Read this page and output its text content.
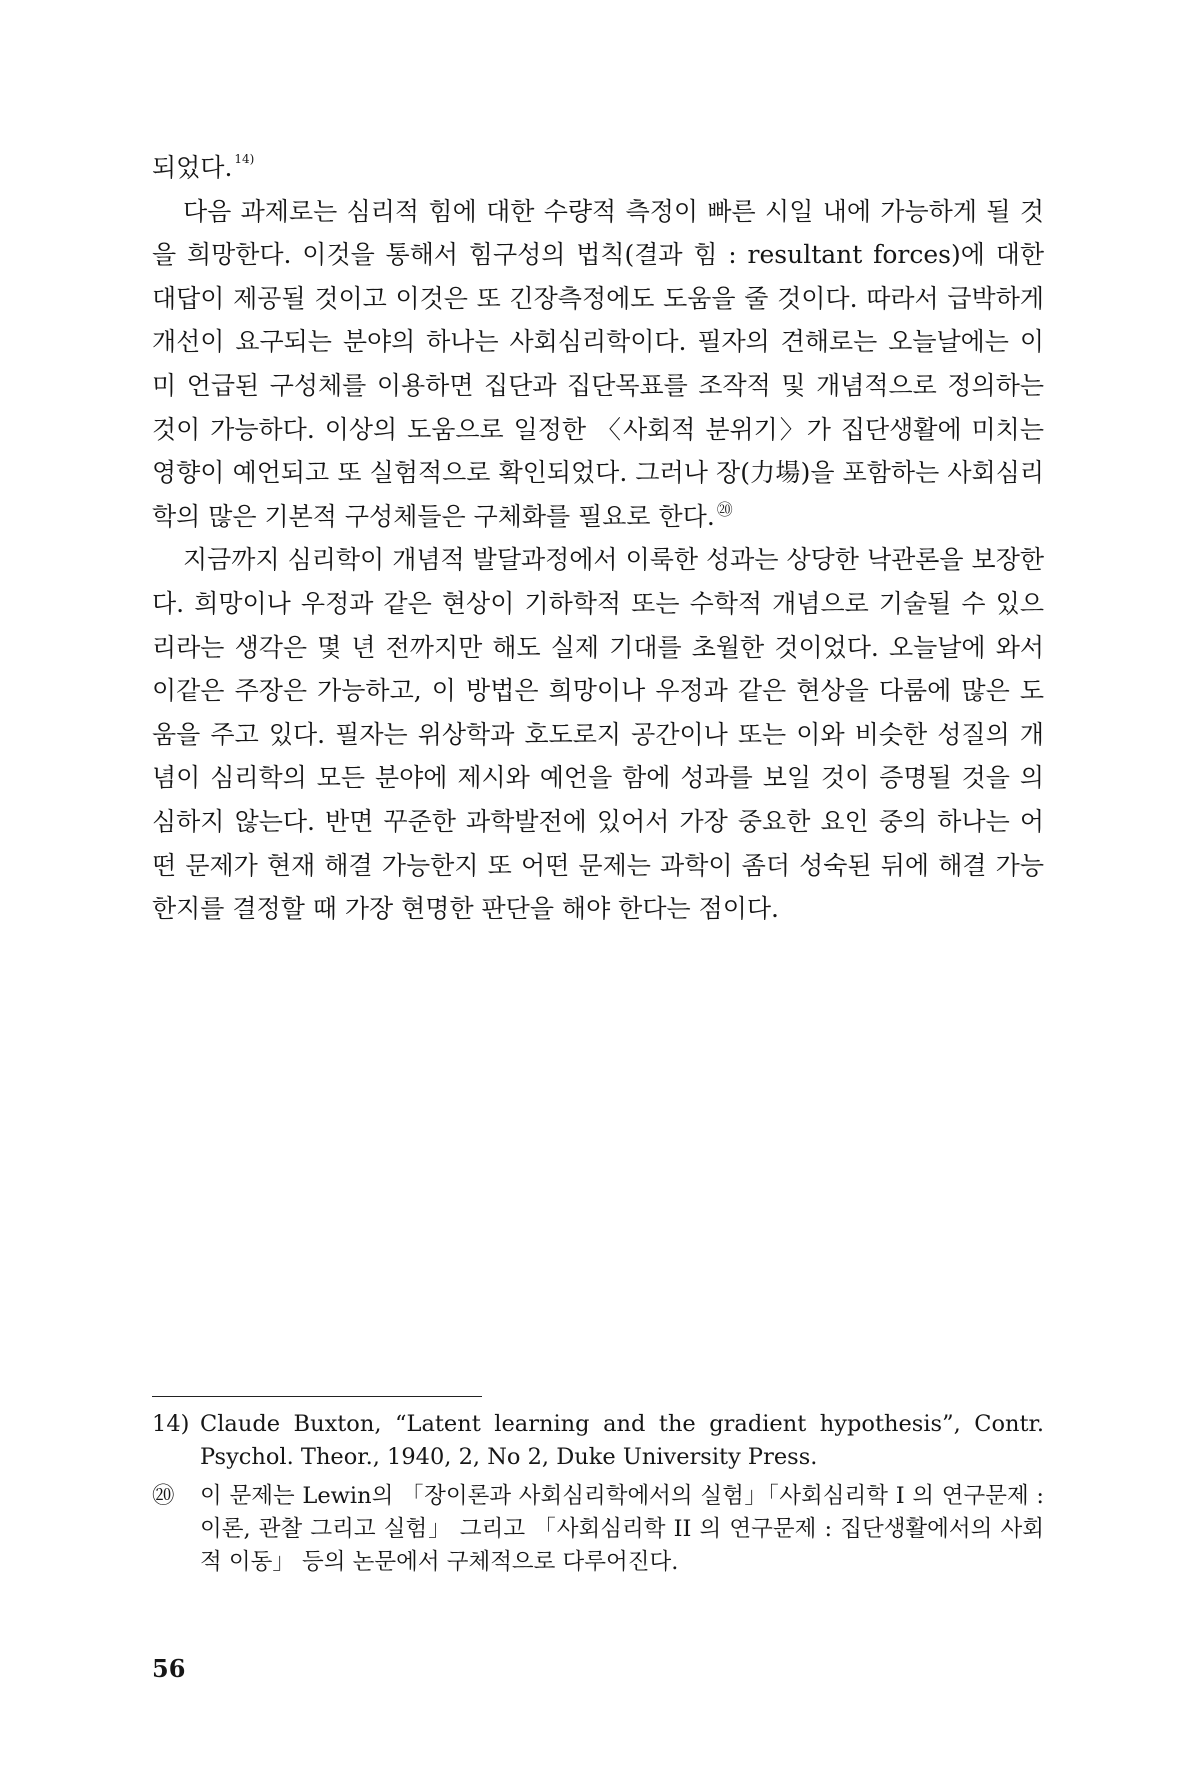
되었다. $^{14)}$

다음 과제로는 심리적 힘에 대한 수량적 측정이 빠른 시일 내에 가능하게 될 것을 희망한다. 이것을 통해서 힘구성의 법칙(결과 힘 : resultant forces)에 대한 대답이 제공될 것이고 이것은 또 긴장측정에도 도움을 줄 것이다. 따라서 급박하게 개선이 요구되는 분야의 하나는 사회심리학이다. 필자의 견해로는 오늘날에는 이미 언급된 구성체를 이용하면 집단과 집단목표를 조작적 및 개념적으로 정의하는 것이 가능하다. 이상의 도움으로 일정한 〈사회적 분위기〉가 집단생활에 미치는 영향이 예언되고 또 실험적으로 확인되었다. 그러나 장(力場)을 포함하는 사회심리학의 많은 기본적 구성체들은 구체화를 필요로 한다. ⑳

지금까지 심리학이 개념적 발달과정에서 이룩한 성과는 상당한 낙관론을 보장한다. 희망이나 우정과 같은 현상이 기하학적 또는 수학적 개념으로 기술될 수 있으리라는 생각은 몇 년 전까지만 해도 실제 기대를 초월한 것이었다. 오늘날에 와서 이같은 주장은 가능하고, 이 방법은 희망이나 우정과 같은 현상을 다룸에 많은 도움을 주고 있다. 필자는 위상학과 호도로지 공간이나 또는 이와 비슷한 성질의 개념이 심리학의 모든 분야에 제시와 예언을 함에 성과를 보일 것이 증명될 것을 의심하지 않는다. 반면 꾸준한 과학발전에 있어서 가장 중요한 요인 중의 하나는 어떤 문제가 현재 해결 가능한지 또 어떤 문제는 과학이 좀더 성숙된 뒤에 해결 가능한지를 결정할 때 가장 현명한 판단을 해야 한다는 점이다.

14) Claude Buxton, “Latent learning and the gradient hypothesis”, Contr. Psychol. Theor., 1940, 2, No 2, Duke University Press.
⑳	이 문제는 Lewin의 「장이론과 사회심리학에서의 실험」「사회심리학 I 의 연구문제 : 이론, 관찰 그리고 실험」 그리고 「사회심리학 II 의 연구문제 : 집단생활에서의 사회적 이동」 등의 논문에서 구체적으로 다루어진다.
56
